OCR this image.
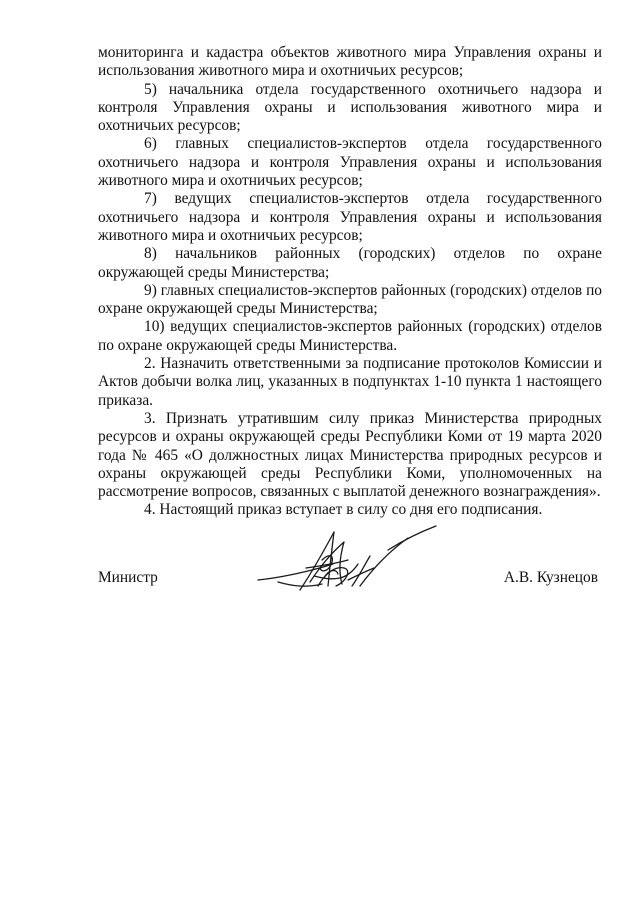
мониторинга и кадастра объектов животного мира Управления охраны и использования животного мира и охотничьих ресурсов;

5) начальника отдела государственного охотничьего надзора и контроля Управления охраны и использования животного мира и охотничьих ресурсов;

6) главных специалистов-экспертов отдела государственного охотничьего надзора и контроля Управления охраны и использования животного мира и охотничьих ресурсов;

7) ведущих специалистов-экспертов отдела государственного охотничьего надзора и контроля Управления охраны и использования животного мира и охотничьих ресурсов;

8) начальников районных (городских) отделов по охране окружающей среды Министерства;

9) главных специалистов-экспертов районных (городских) отделов по охране окружающей среды Министерства;

10) ведущих специалистов-экспертов районных (городских) отделов по охране окружающей среды Министерства.

2. Назначить ответственными за подписание протоколов Комиссии и Актов добычи волка лиц, указанных в подпунктах 1-10 пункта 1 настоящего приказа.

3. Признать утратившим силу приказ Министерства природных ресурсов и охраны окружающей среды Республики Коми от 19 марта 2020 года № 465 «О должностных лицах Министерства природных ресурсов и охраны окружающей среды Республики Коми, уполномоченных на рассмотрение вопросов, связанных с выплатой денежного вознаграждения».

4. Настоящий приказ вступает в силу со дня его подписания.

Министр	А.В. Кузнецов
